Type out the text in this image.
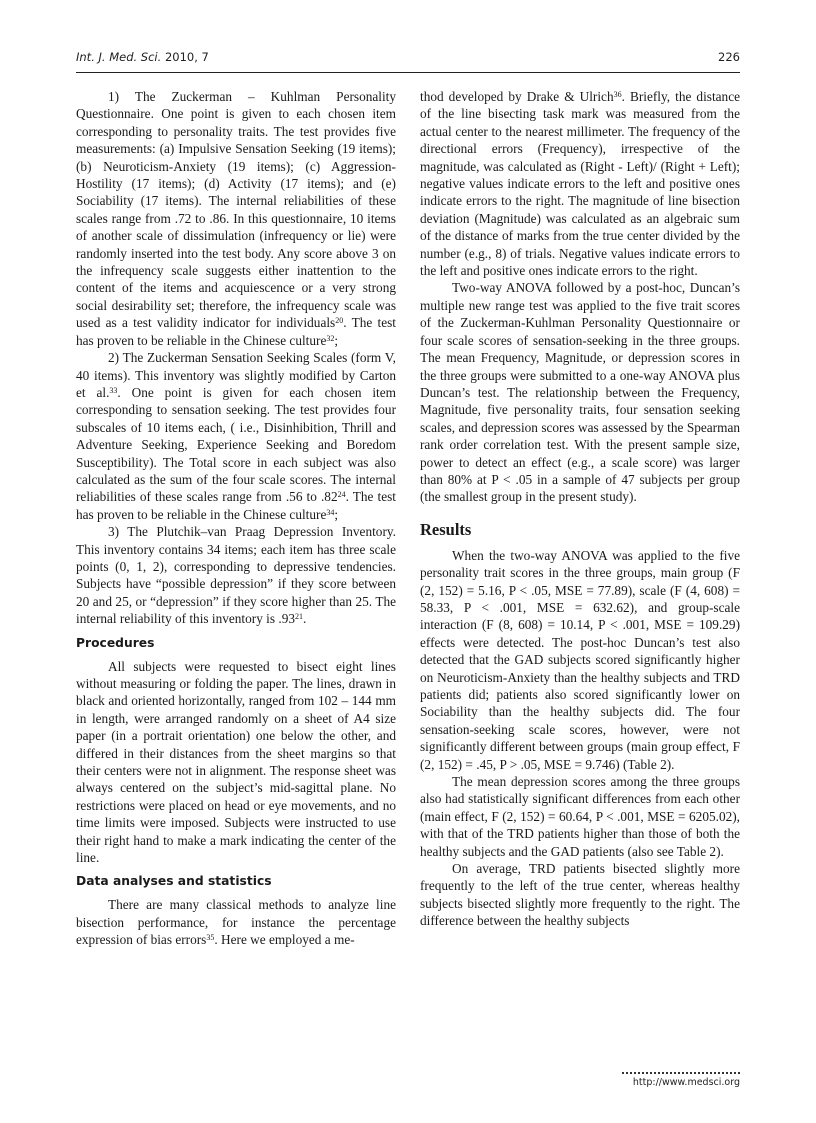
Int. J. Med. Sci. 2010, 7	226

1) The Zuckerman – Kuhlman Personality Questionnaire. One point is given to each chosen item corresponding to personality traits. The test provides five measurements: (a) Impulsive Sensation Seeking (19 items); (b) Neuroticism-Anxiety (19 items); (c) Aggression-Hostility (17 items); (d) Activity (17 items); and (e) Sociability (17 items). The internal reliabilities of these scales range from .72 to .86. In this questionnaire, 10 items of another scale of dissimulation (infrequency or lie) were randomly inserted into the test body. Any score above 3 on the infrequency scale suggests either inattention to the content of the items and acquiescence or a very strong social desirability set; therefore, the infrequency scale was used as a test validity indicator for individuals$^{20}$. The test has proven to be reliable in the Chinese culture$^{32}$;

2) The Zuckerman Sensation Seeking Scales (form V, 40 items). This inventory was slightly modified by Carton et al.$^{33}$. One point is given for each chosen item corresponding to sensation seeking. The test provides four subscales of 10 items each, ( i.e., Disinhibition, Thrill and Adventure Seeking, Experience Seeking and Boredom Susceptibility). The Total score in each subject was also calculated as the sum of the four scale scores. The internal reliabilities of these scales range from .56 to $.82^{24}$. The test has proven to be reliable in the Chinese culture$^{34}$;

3) The Plutchik–van Praag Depression Inventory. This inventory contains 34 items; each item has three scale points (0, 1, 2), corresponding to depressive tendencies. Subjects have “possible depression” if they score between 20 and 25, or “depression” if they score higher than 25. The internal reliability of this inventory is $.93^{21}$.

Procedures

All subjects were requested to bisect eight lines without measuring or folding the paper. The lines, drawn in black and oriented horizontally, ranged from 102 – 144 mm in length, were arranged randomly on a sheet of A4 size paper (in a portrait orientation) one below the other, and differed in their distances from the sheet margins so that their centers were not in alignment. The response sheet was always centered on the subject’s mid-sagittal plane. No restrictions were placed on head or eye movements, and no time limits were imposed. Subjects were instructed to use their right hand to make a mark indicating the center of the line.

Data analyses and statistics

There are many classical methods to analyze line bisection performance, for instance the percentage expression of bias errors$^{35}$. Here we employed a me-

thod developed by Drake & Ulrich$^{36}$. Briefly, the distance of the line bisecting task mark was measured from the actual center to the nearest millimeter. The frequency of the directional errors (Frequency), irrespective of the magnitude, was calculated as (Right - Left)/ (Right + Left); negative values indicate errors to the left and positive ones indicate errors to the right. The magnitude of line bisection deviation (Magnitude) was calculated as an algebraic sum of the distance of marks from the true center divided by the number (e.g., 8) of trials. Negative values indicate errors to the left and positive ones indicate errors to the right.

Two-way ANOVA followed by a post-hoc, Duncan’s multiple new range test was applied to the five trait scores of the Zuckerman-Kuhlman Personality Questionnaire or four scale scores of sensation-seeking in the three groups. The mean Frequency, Magnitude, or depression scores in the three groups were submitted to a one-way ANOVA plus Duncan’s test. The relationship between the Frequency, Magnitude, five personality traits, four sensation seeking scales, and depression scores was assessed by the Spearman rank order correlation test. With the present sample size, power to detect an effect (e.g., a scale score) was larger than 80% at P < .05 in a sample of 47 subjects per group (the smallest group in the present study).

Results

When the two-way ANOVA was applied to the five personality trait scores in the three groups, main group (F (2, 152) = 5.16, P < .05, MSE = 77.89), scale (F (4, 608) = 58.33, P < .001, MSE = 632.62), and group-scale interaction (F (8, 608) = 10.14, P < .001, MSE = 109.29) effects were detected. The post-hoc Duncan’s test also detected that the GAD subjects scored significantly higher on Neuroticism-Anxiety than the healthy subjects and TRD patients did; patients also scored significantly lower on Sociability than the healthy subjects did. The four sensation-seeking scale scores, however, were not significantly different between groups (main group effect, F (2, 152) = .45, P > .05, MSE = 9.746) (Table 2).

The mean depression scores among the three groups also had statistically significant differences from each other (main effect, F (2, 152) = 60.64, P < .001, MSE = 6205.02), with that of the TRD patients higher than those of both the healthy subjects and the GAD patients (also see Table 2).

On average, TRD patients bisected slightly more frequently to the left of the true center, whereas healthy subjects bisected slightly more frequently to the right. The difference between the healthy subjects

http://www.medsci.org
